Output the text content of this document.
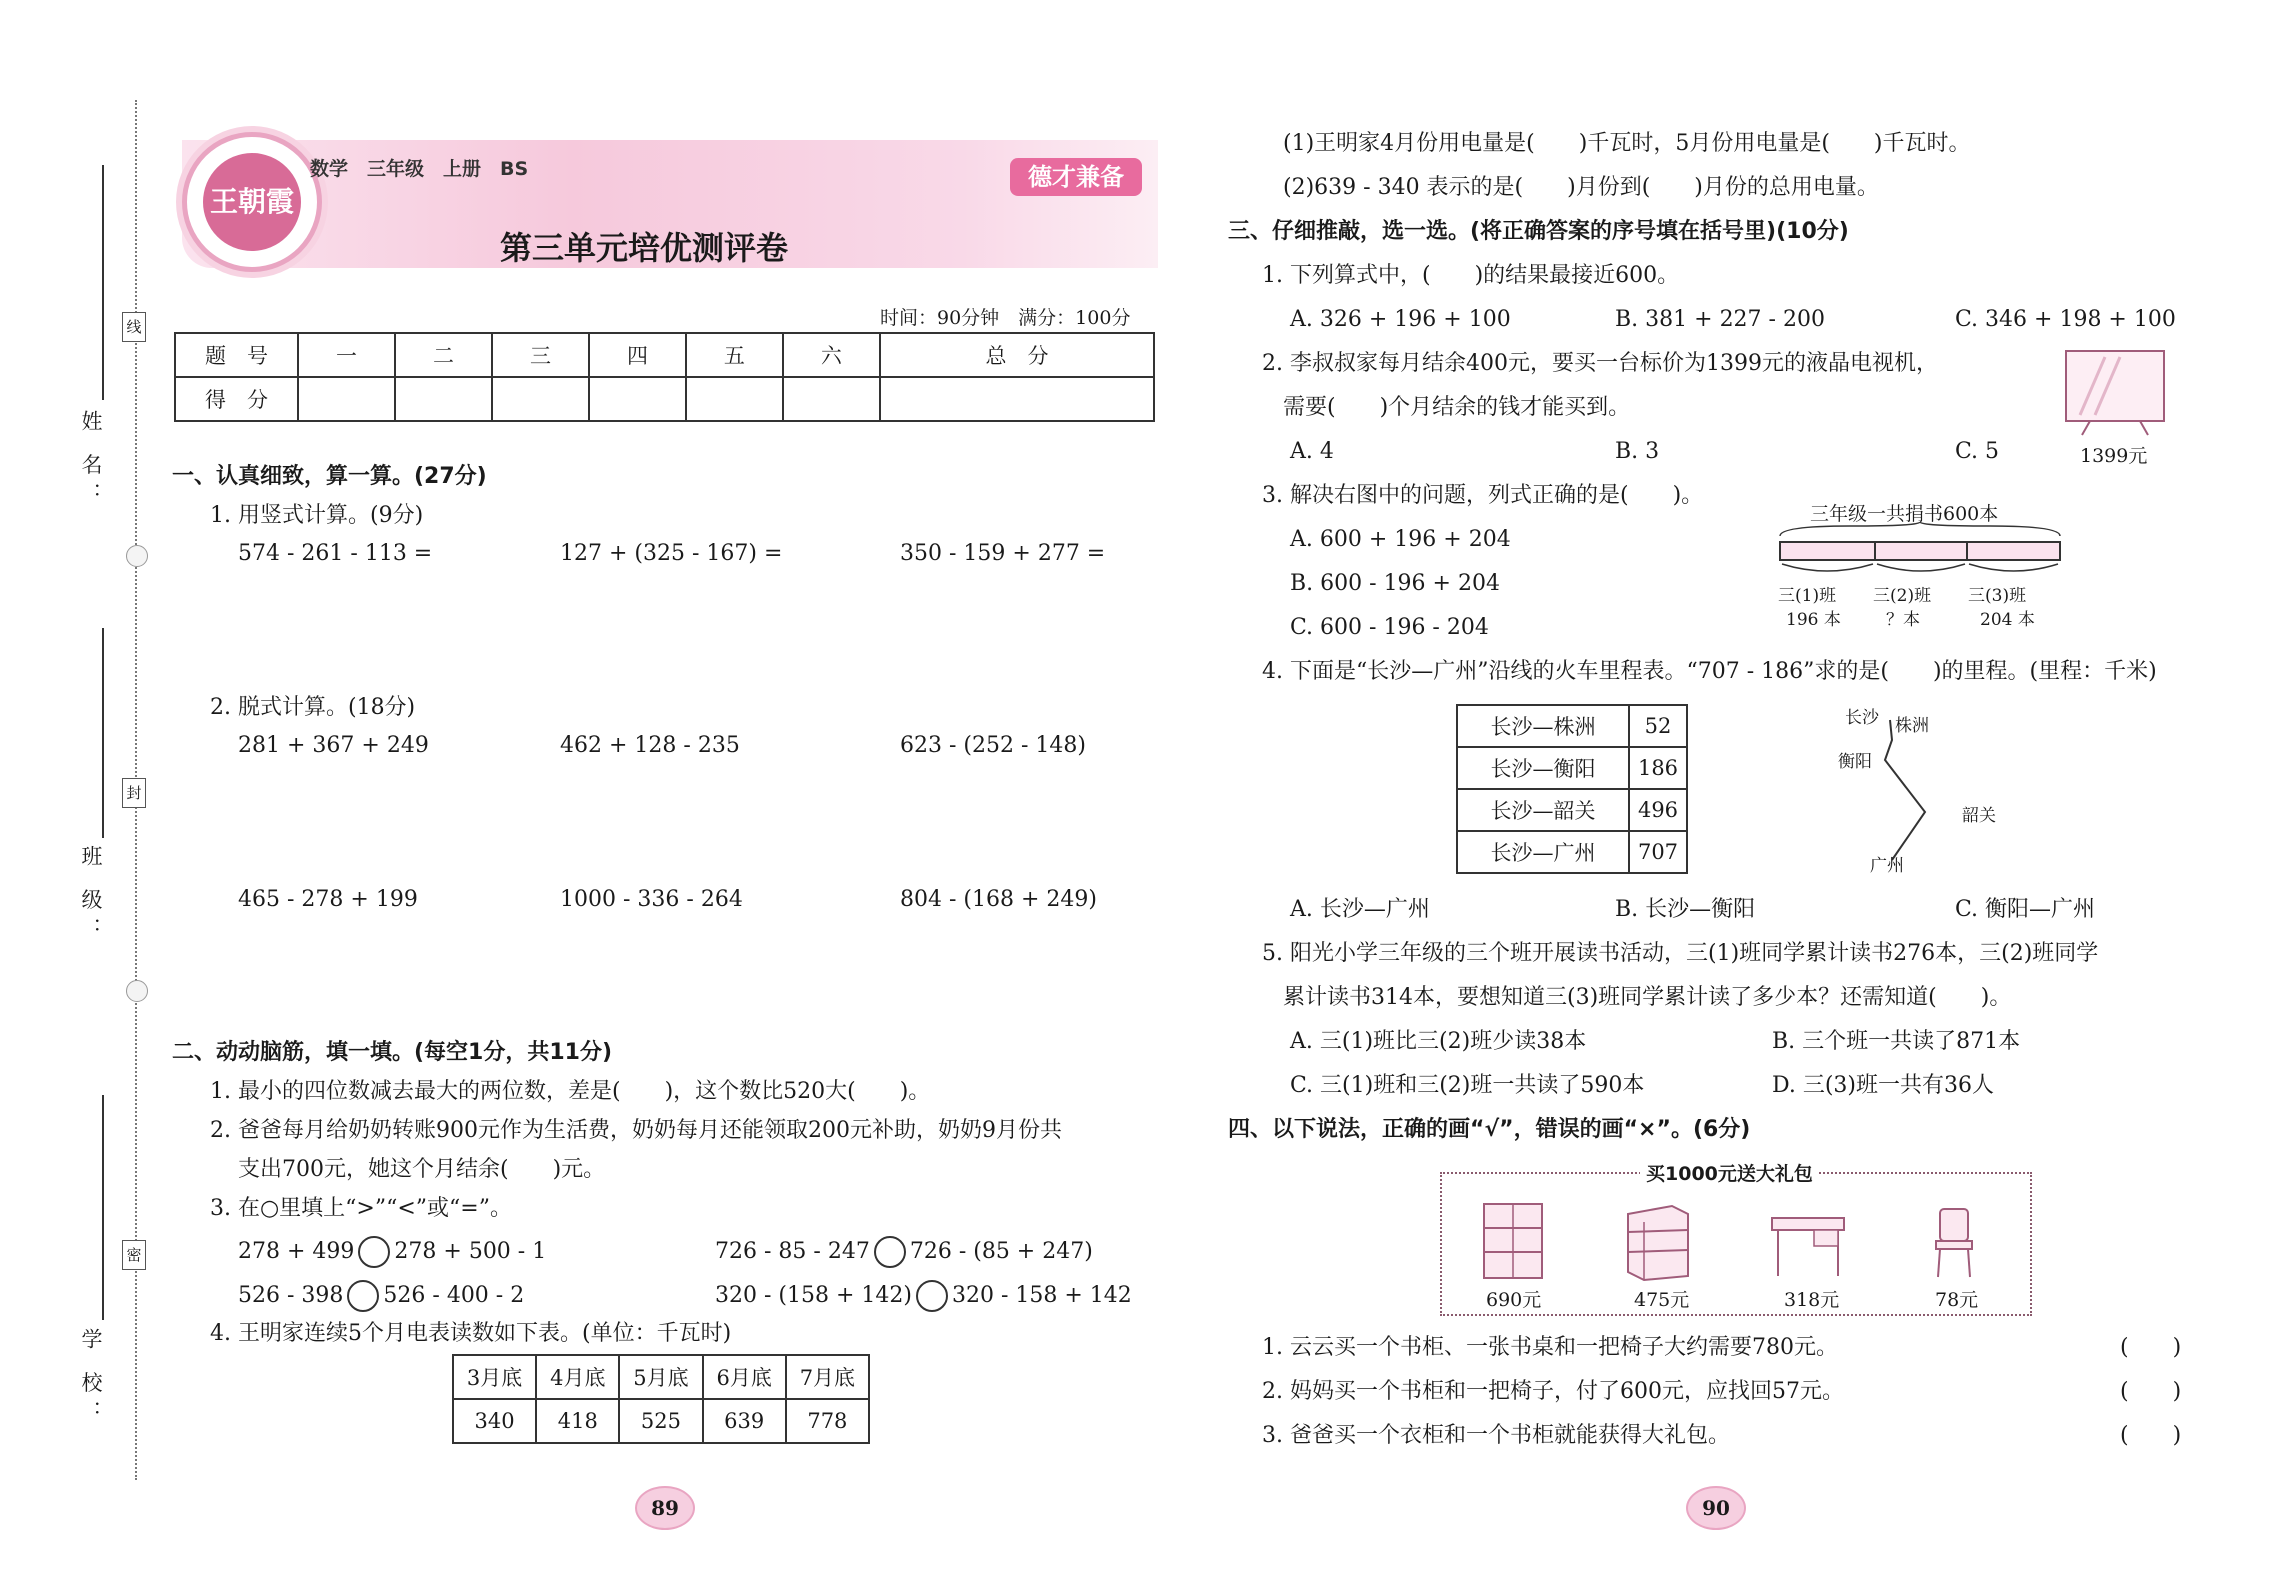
姓 名：
班 级：
学 校：
线
封
密
王朝霞
数学　三年级　上册　BS	德才兼备
第三单元培优测评卷
时间：90分钟　满分：100分
题　号	一	二	三	四	五	六	总　分
得　分							
一、认真细致，算一算。(27分)
1. 用竖式计算。(9分)
574 - 261 - 113 =	127 + (325 - 167) =	350 - 159 + 277 =
2. 脱式计算。(18分)
281 + 367 + 249	462 + 128 - 235	623 - (252 - 148)
465 - 278 + 199	1000 - 336 - 264	804 - (168 + 249)
二、动动脑筋，填一填。(每空1分，共11分)
1. 最小的四位数减去最大的两位数，差是(　　)，这个数比520大(　　)。
2. 爸爸每月给奶奶转账900元作为生活费，奶奶每月还能领取200元补助，奶奶9月份共
支出700元，她这个月结余(　　)元。
3. 在○里填上“>”“<”或“=”。
278 + 499 278 + 500 - 1	726 - 85 - 247 726 - (85 + 247)
526 - 398 526 - 400 - 2	320 - (158 + 142) 320 - 158 + 142
4. 王明家连续5个月电表读数如下表。(单位：千瓦时)
3月底	4月底	5月底	6月底	7月底
340	418	525	639	778
89
(1)王明家4月份用电量是(　　)千瓦时，5月份用电量是(　　)千瓦时。
(2)639 - 340 表示的是(　　)月份到(　　)月份的总用电量。
三、仔细推敲，选一选。(将正确答案的序号填在括号里)(10分)
1. 下列算式中，(　　)的结果最接近600。
A. 326 + 196 + 100	B. 381 + 227 - 200	C. 346 + 198 + 100
2. 李叔叔家每月结余400元，要买一台标价为1399元的液晶电视机，
需要(　　)个月结余的钱才能买到。
A. 4	B. 3	C. 5	1399元
3. 解决右图中的问题，列式正确的是(　　)。
A. 600 + 196 + 204
B. 600 - 196 + 204
C. 600 - 196 - 204
三年级一共捐书600本
三(1)班 三(2)班 三(3)班
196 本	？本	204 本
4. 下面是“长沙—广州”沿线的火车里程表。“707 - 186”求的是(　　)的里程。(里程：千米)
长沙—株洲	52
长沙—衡阳	186
长沙—韶关	496
长沙—广州	707
长沙 株洲
衡阳
韶关
广州
A. 长沙—广州	B. 长沙—衡阳	C. 衡阳—广州
5. 阳光小学三年级的三个班开展读书活动，三(1)班同学累计读书276本，三(2)班同学
累计读书314本，要想知道三(3)班同学累计读了多少本？还需知道(　　)。
A. 三(1)班比三(2)班少读38本	B. 三个班一共读了871本
C. 三(1)班和三(2)班一共读了590本	D. 三(3)班一共有36人
四、以下说法，正确的画“√”，错误的画“×”。(6分)
买1000元送大礼包
690元	475元	318元	78元
1. 云云买一个书柜、一张书桌和一把椅子大约需要780元。	(　　)
2. 妈妈买一个书柜和一把椅子，付了600元，应找回57元。	(　　)
3. 爸爸买一个衣柜和一个书柜就能获得大礼包。	(　　)
90
